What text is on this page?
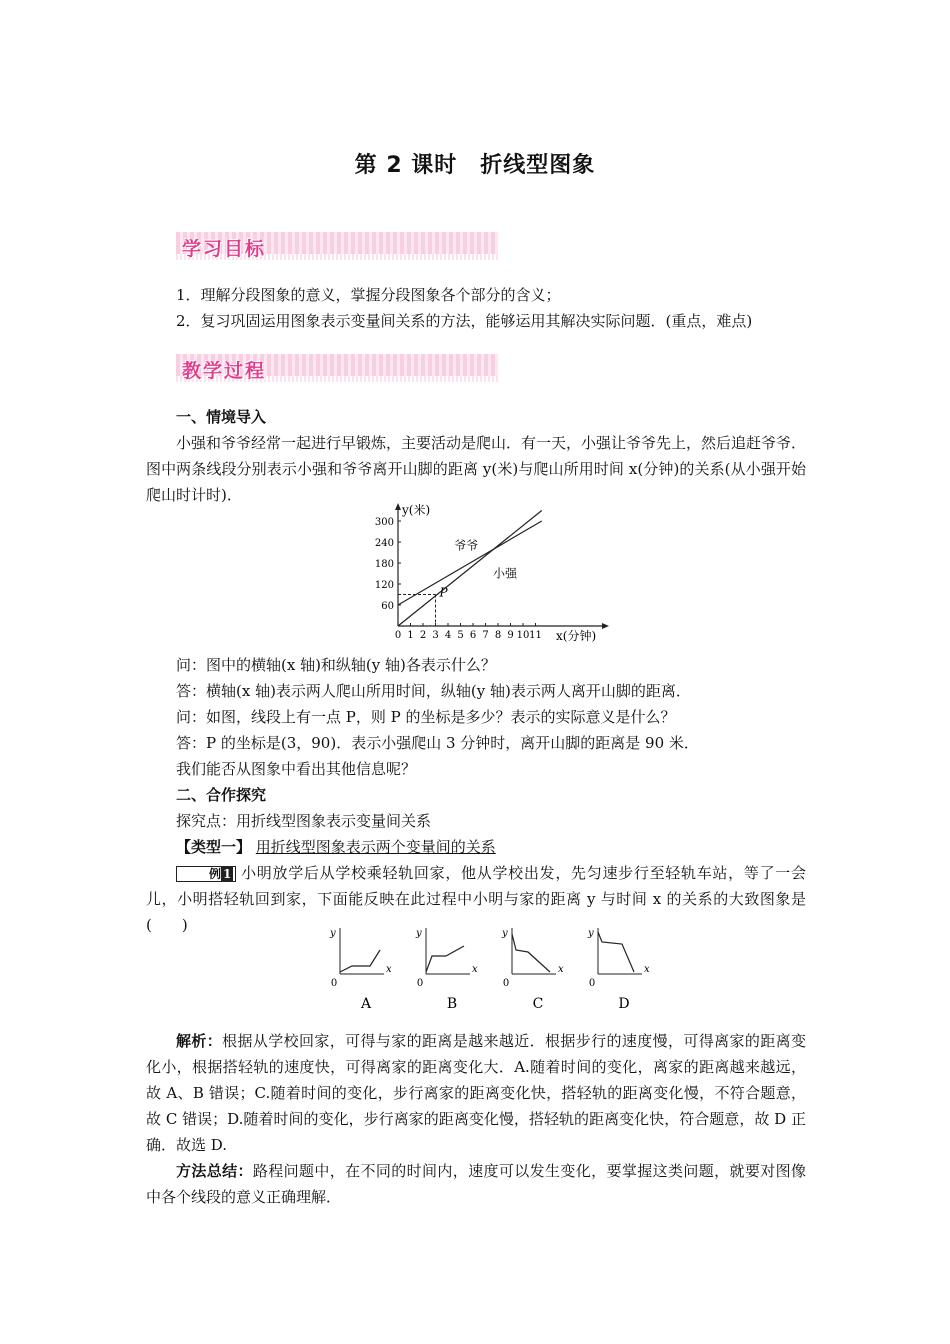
第 2 课时　折线型图象
学习目标
1．理解分段图象的意义，掌握分段图象各个部分的含义；
2．复习巩固运用图象表示变量间关系的方法，能够运用其解决实际问题．(重点，难点)
教学过程
一、情境导入
小强和爷爷经常一起进行早锻炼，主要活动是爬山．有一天，小强让爷爷先上，然后追赶爷爷．图中两条线段分别表示小强和爷爷离开山脚的距离 y(米)与爬山所用时间 x(分钟)的关系(从小强开始爬山时计时)．
y(米)
x(分钟)
60
120
180
240
300
0 1 2 3 4 5 6 7 8 9 10 11
爷爷
小强
P
问：图中的横轴(x 轴)和纵轴(y 轴)各表示什么？
答：横轴(x 轴)表示两人爬山所用时间，纵轴(y 轴)表示两人离开山脚的距离．
问：如图，线段上有一点 P，则 P 的坐标是多少？表示的实际意义是什么？
答：P 的坐标是(3，90)．表示小强爬山 3 分钟时，离开山脚的距离是 90 米．
我们能否从图象中看出其他信息呢？
二、合作探究
探究点：用折线型图象表示变量间关系
【类型一】 用折线型图象表示两个变量间的关系
例 1 小明放学后从学校乘轻轨回家，他从学校出发，先匀速步行至轻轨车站，等了一会儿，小明搭轻轨回到家，下面能反映在此过程中小明与家的距离 y 与时间 x 的关系的大致图象是(　　)	y
x
0
A
y
x
0
B
y
x
0
C
y
x
0
D
解析：根据从学校回家，可得与家的距离是越来越近．根据步行的速度慢，可得离家的距离变化小，根据搭轻轨的速度快，可得离家的距离变化大．A.随着时间的变化，离家的距离越来越远，故 A、B 错误；C.随着时间的变化，步行离家的距离变化快，搭轻轨的距离变化慢，不符合题意，故 C 错误；D.随着时间的变化，步行离家的距离变化慢，搭轻轨的距离变化快，符合题意，故 D 正确．故选 D.
方法总结：路程问题中，在不同的时间内，速度可以发生变化，要掌握这类问题，就要对图像中各个线段的意义正确理解．
